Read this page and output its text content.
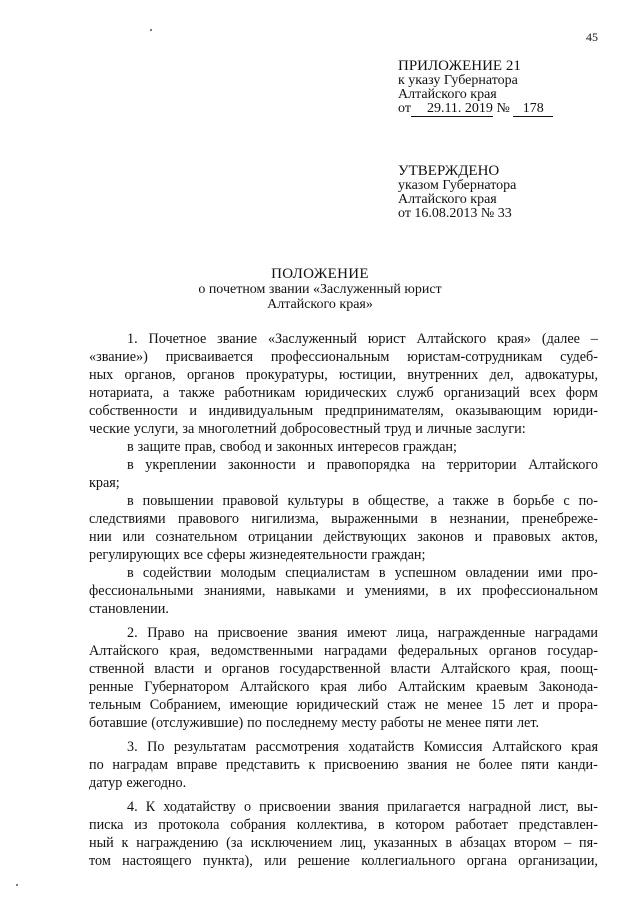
45
ПРИЛОЖЕНИЕ 21
к указу Губернатора
Алтайского края
от 29.11. 2019 № 178
УТВЕРЖДЕНО
указом Губернатора
Алтайского края
от 16.08.2013 № 33
ПОЛОЖЕНИЕ
о почетном звании «Заслуженный юрист
Алтайского края»
1. Почетное звание «Заслуженный юрист Алтайского края» (далее –
«звание») присваивается профессиональным юристам-сотрудникам судеб-
ных органов, органов прокуратуры, юстиции, внутренних дел, адвокатуры,
нотариата, а также работникам юридических служб организаций всех форм
собственности и индивидуальным предпринимателям, оказывающим юриди-
ческие услуги, за многолетний добросовестный труд и личные заслуги:
в защите прав, свобод и законных интересов граждан;
в укреплении законности и правопорядка на территории Алтайского
края;
в повышении правовой культуры в обществе, а также в борьбе с по-
следствиями правового нигилизма, выраженными в незнании, пренебреже-
нии или сознательном отрицании действующих законов и правовых актов,
регулирующих все сферы жизнедеятельности граждан;
в содействии молодым специалистам в успешном овладении ими про-
фессиональными знаниями, навыками и умениями, в их профессиональном
становлении.
2. Право на присвоение звания имеют лица, награжденные наградами
Алтайского края, ведомственными наградами федеральных органов государ-
ственной власти и органов государственной власти Алтайского края, поощ-
ренные Губернатором Алтайского края либо Алтайским краевым Законода-
тельным Собранием, имеющие юридический стаж не менее 15 лет и прора-
ботавшие (отслужившие) по последнему месту работы не менее пяти лет.
3. По результатам рассмотрения ходатайств Комиссия Алтайского края
по наградам вправе представить к присвоению звания не более пяти канди-
датур ежегодно.
4. К ходатайству о присвоении звания прилагается наградной лист, вы-
писка из протокола собрания коллектива, в котором работает представлен-
ный к награждению (за исключением лиц, указанных в абзацах втором – пя-
том настоящего пункта), или решение коллегиального органа организации,
